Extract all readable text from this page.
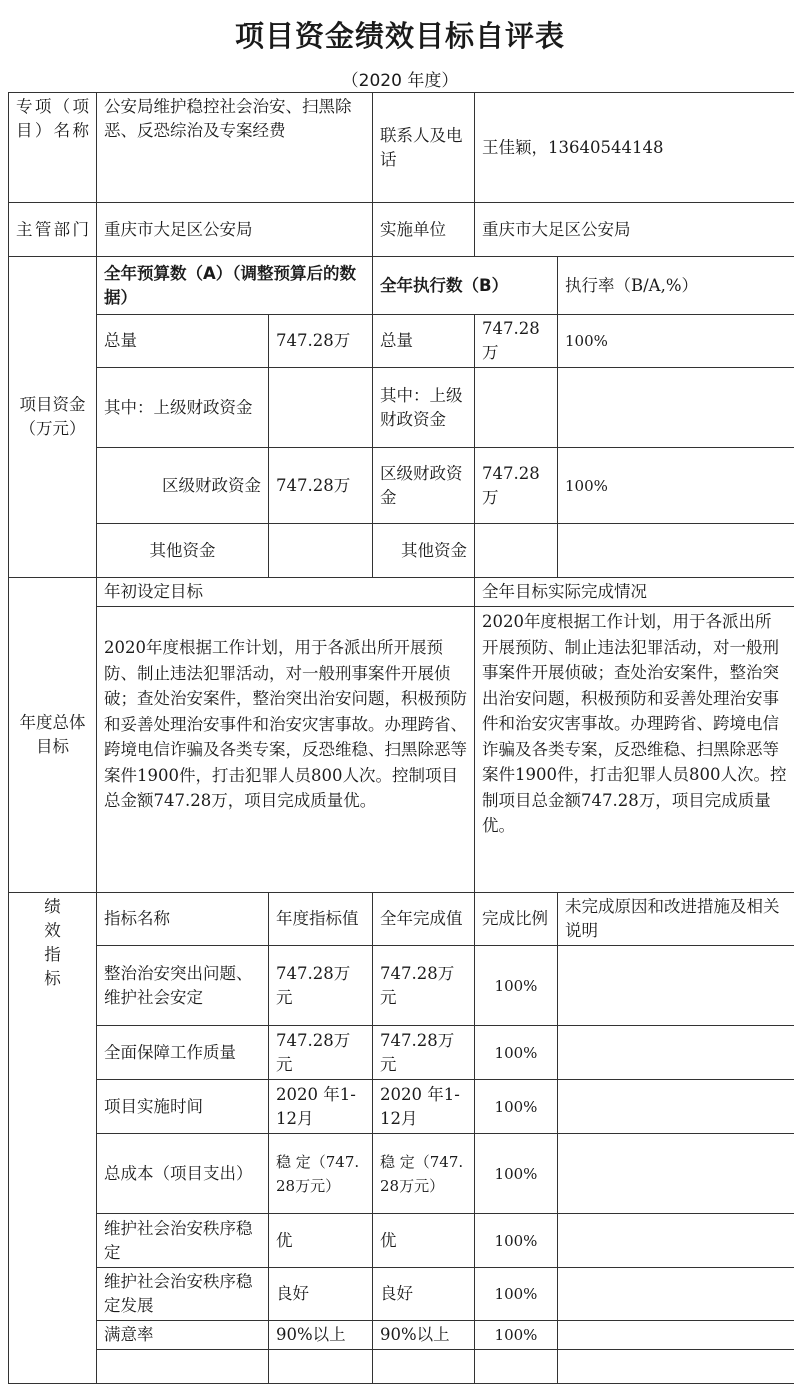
项目资金绩效目标自评表
（2020 年度）
专项（项目）名称	公安局维护稳控社会治安、扫黑除恶、反恐综治及专案经费		联系人及电话	王佳颖，13640544148	
主管部门	重庆市大足区公安局		实施单位	重庆市大足区公安局	
项目资金（万元）	全年预算数（A）（调整预算后的数据）		全年执行数（B）		执行率（B/A,%）
	总量	747.28万	总量	747.28万	100%
	其中：上级财政资金		其中：上级财政资金		
	区级财政资金	747.28万	区级财政资金	747.28万	100%
	其他资金		其他资金		
年度总体目标	年初设定目标			全年目标实际完成情况	
	2020年度根据工作计划，用于各派出所开展预防、制止违法犯罪活动，对一般刑事案件开展侦破；查处治安案件，整治突出治安问题，积极预防和妥善处理治安事件和治安灾害事故。办理跨省、跨境电信诈骗及各类专案，反恐维稳、扫黑除恶等案件1900件，打击犯罪人员800人次。控制项目总金额747.28万，项目完成质量优。			2020年度根据工作计划，用于各派出所开展预防、制止违法犯罪活动，对一般刑事案件开展侦破；查处治安案件，整治突出治安问题，积极预防和妥善处理治安事件和治安灾害事故。办理跨省、跨境电信诈骗及各类专案，反恐维稳、扫黑除恶等案件1900件，打击犯罪人员800人次。控制项目总金额747.28万，项目完成质量优。	

绩
效
指
标	指标名称	年度指标值	全年完成值	完成比例	未完成原因和改进措施及相关说明
	整治治安突出问题、维护社会安定	747.28万元	747.28万元	100%	
	全面保障工作质量	747.28万元	747.28万元	100%	
	项目实施时间	2020 年1-12月	2020 年1-12月	100%	
	总成本（项目支出）	稳 定（747.28万元）	稳 定（747.28万元）	100%	
	维护社会治安秩序稳定	优	优	100%	
	维护社会治安秩序稳定发展	良好	良好	100%	
	满意率	90%以上	90%以上	100%	
